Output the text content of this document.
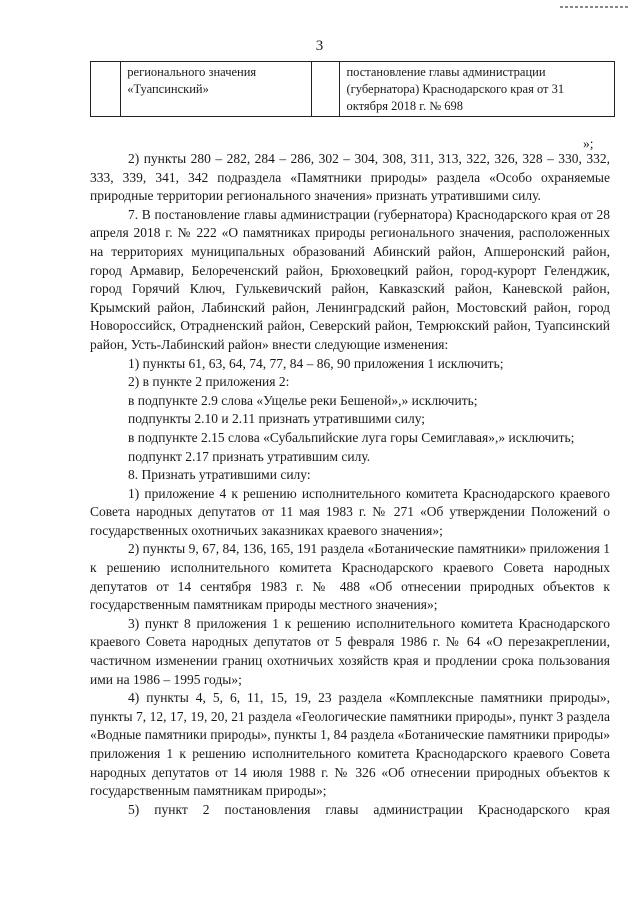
3
	регионального значения «Туапсинский»		постановление главы администрации (губернатора) Краснодарского края от 31 октября 2018 г. № 698
»;

2) пункты 280 – 282, 284 – 286, 302 – 304, 308, 311, 313, 322, 326, 328 – 330, 332, 333, 339, 341, 342 подраздела «Памятники природы» раздела «Особо охраняемые природные территории регионального значения» признать утратившими силу.

7. В постановление главы администрации (губернатора) Краснодарского края от 28 апреля 2018 г. № 222 «О памятниках природы регионального значения, расположенных на территориях муниципальных образований Абинский район, Апшеронский район, город Армавир, Белореченский район, Брюховецкий район, город-курорт Геленджик, город Горячий Ключ, Гулькевичский район, Кавказский район, Каневской район, Крымский район, Лабинский район, Ленинградский район, Мостовский район, город Новороссийск, Отрадненский район, Северский район, Темрюкский район, Туапсинский район, Усть-Лабинский район» внести следующие изменения:

1) пункты 61, 63, 64, 74, 77, 84 – 86, 90 приложения 1 исключить;

2) в пункте 2 приложения 2:

в подпункте 2.9 слова «Ущелье реки Бешеной»,» исключить;

подпункты 2.10 и 2.11 признать утратившими силу;

в подпункте 2.15 слова «Субальпийские луга горы Семиглавая»,» исключить;

подпункт 2.17 признать утратившим силу.

8. Признать утратившими силу:

1) приложение 4 к решению исполнительного комитета Краснодарского краевого Совета народных депутатов от 11 мая 1983 г. № 271 «Об утверждении Положений о государственных охотничьих заказниках краевого значения»;

2) пункты 9, 67, 84, 136, 165, 191 раздела «Ботанические памятники» приложения 1 к решению исполнительного комитета Краснодарского краевого Совета народных депутатов от 14 сентября 1983 г. № 488 «Об отнесении природных объектов к государственным памятникам природы местного значения»;

3) пункт 8 приложения 1 к решению исполнительного комитета Краснодарского краевого Совета народных депутатов от 5 февраля 1986 г. № 64 «О перезакреплении, частичном изменении границ охотничьих хозяйств края и продлении срока пользования ими на 1986 – 1995 годы»;

4) пункты 4, 5, 6, 11, 15, 19, 23 раздела «Комплексные памятники природы», пункты 7, 12, 17, 19, 20, 21 раздела «Геологические памятники природы», пункт 3 раздела «Водные памятники природы», пункты 1, 84 раздела «Ботанические памятники природы» приложения 1 к решению исполнительного комитета Краснодарского краевого Совета народных депутатов от 14 июля 1988 г. № 326 «Об отнесении природных объектов к государственным памятникам природы»;

5) пункт 2 постановления главы администрации Краснодарского края
